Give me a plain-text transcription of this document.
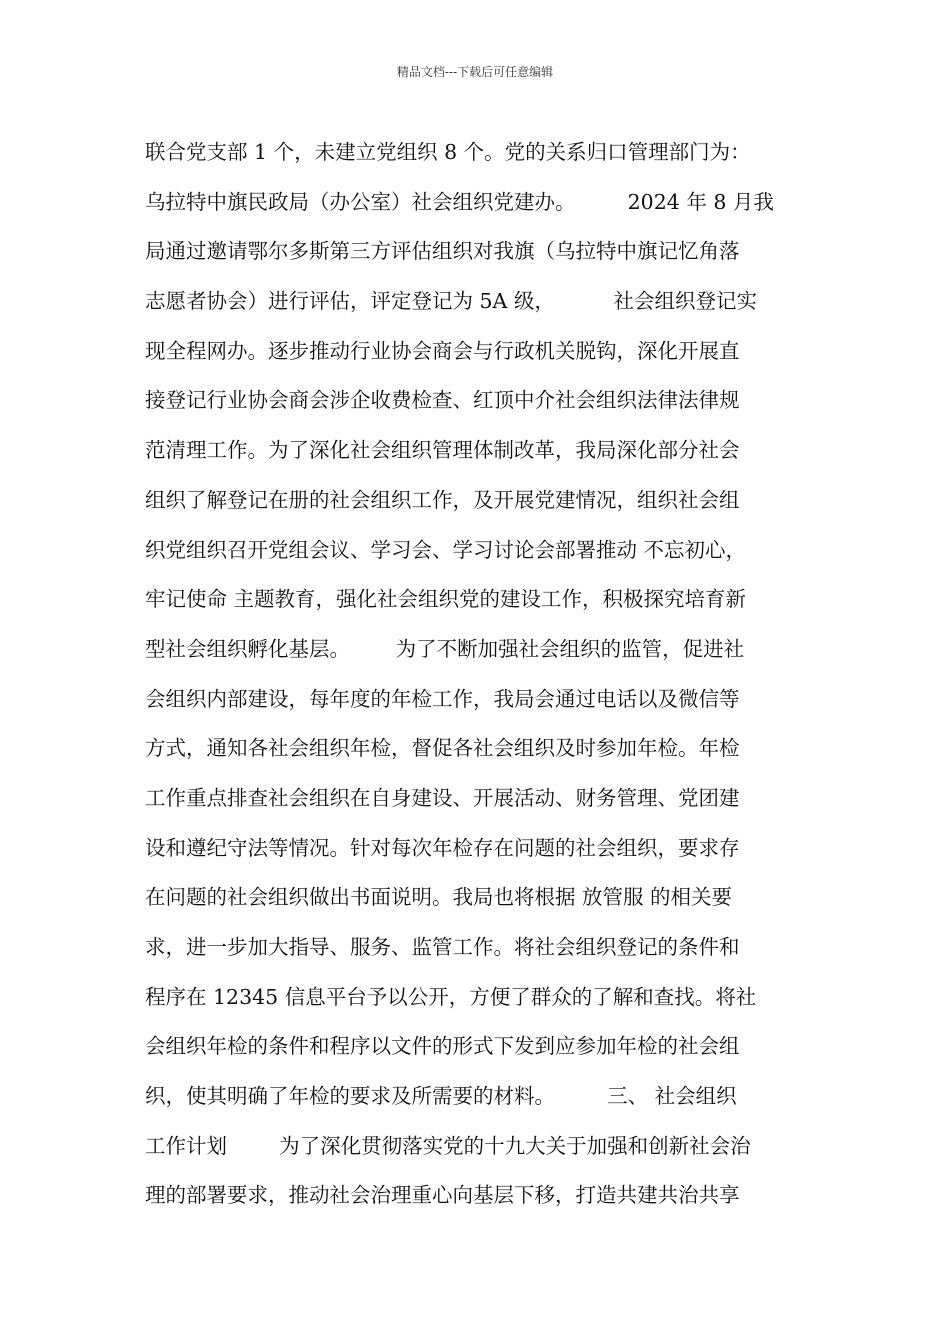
精品文档---下载后可任意编辑
联合党支部 1 个，未建立党组织 8 个。党的关系归口管理部门为：
乌拉特中旗民政局（办公室）社会组织党建办。        2024 年 8 月我
局通过邀请鄂尔多斯第三方评估组织对我旗（乌拉特中旗记忆角落
志愿者协会）进行评估，评定登记为 5A 级，         社会组织登记实
现全程网办。逐步推动行业协会商会与行政机关脱钩，深化开展直
接登记行业协会商会涉企收费检查、红顶中介社会组织法律法律规
范清理工作。为了深化社会组织管理体制改革，我局深化部分社会
组织了解登记在册的社会组织工作，及开展党建情况，组织社会组
织党组织召开党组会议、学习会、学习讨论会部署推动 不忘初心，
牢记使命 主题教育，强化社会组织党的建设工作，积极探究培育新
型社会组织孵化基层。       为了不断加强社会组织的监管，促进社
会组织内部建设，每年度的年检工作，我局会通过电话以及微信等
方式，通知各社会组织年检，督促各社会组织及时参加年检。年检
工作重点排查社会组织在自身建设、开展活动、财务管理、党团建
设和遵纪守法等情况。针对每次年检存在问题的社会组织，要求存
在问题的社会组织做出书面说明。我局也将根据 放管服 的相关要
求，进一步加大指导、服务、监管工作。将社会组织登记的条件和
程序在 12345 信息平台予以公开，方便了群众的了解和查找。将社
会组织年检的条件和程序以文件的形式下发到应参加年检的社会组
织，使其明确了年检的要求及所需要的材料。        三、 社会组织
工作计划        为了深化贯彻落实党的十九大关于加强和创新社会治
理的部署要求，推动社会治理重心向基层下移，打造共建共治共享
